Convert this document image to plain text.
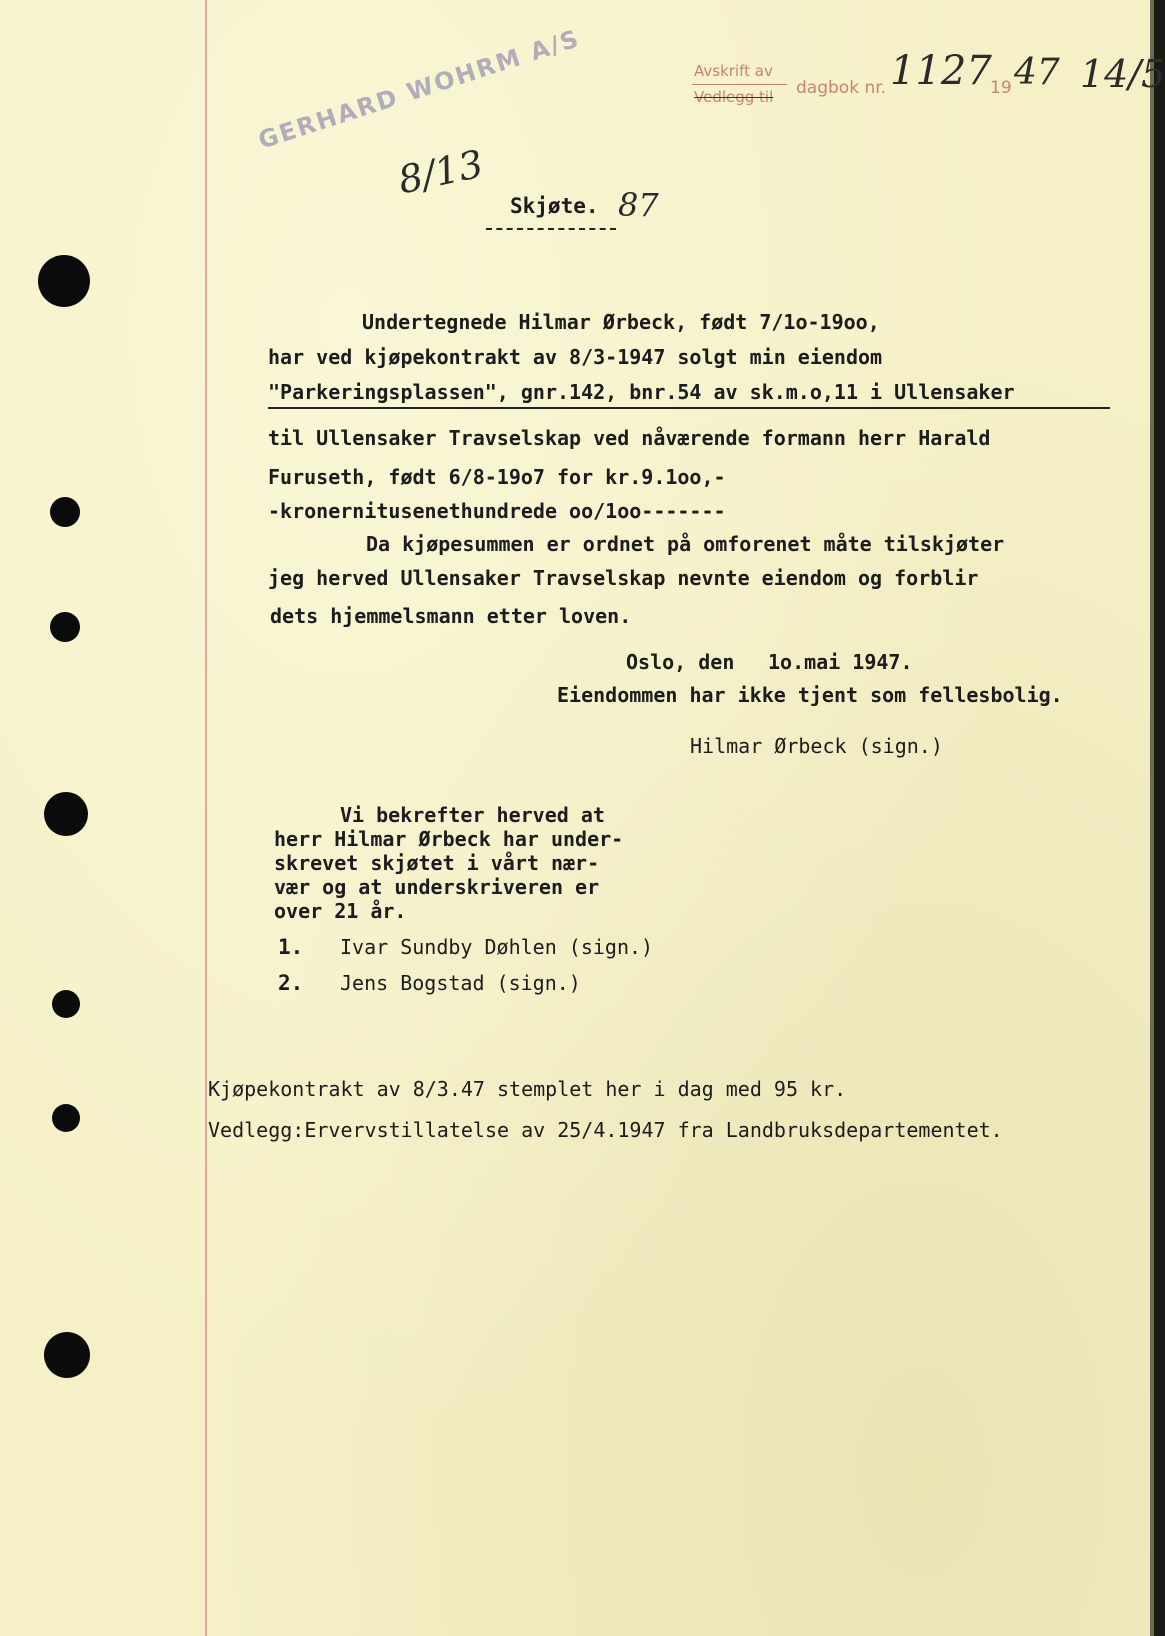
GERHARD WOHRM A/S	Avskrift av
Vedlegg til dagbok nr. 1127
19 47 14/5
8/13
Skjøte. 87
Undertegnede Hilmar Ørbeck, født 7/1o-19oo,
har ved kjøpekontrakt av 8/3-1947 solgt min eiendom
"Parkeringsplassen", gnr.142, bnr.54 av sk.m.o,11 i Ullensaker
til Ullensaker Travselskap ved nåværende formann herr Harald
Furuseth, født 6/8-19o7 for kr.9.1oo,-
-kronernitusenethundrede oo/1oo-------
Da kjøpesummen er ordnet på omforenet måte tilskjøter
jeg herved Ullensaker Travselskap nevnte eiendom og forblir
dets hjemmelsmann etter loven.
Oslo, den 1o.mai 1947.
Eiendommen har ikke tjent som fellesbolig.
Hilmar Ørbeck (sign.)
Vi bekrefter herved at
herr Hilmar Ørbeck har under-
skrevet skjøtet i vårt nær-
vær og at underskriveren er
over 21 år.
1. Ivar Sundby Døhlen (sign.)
2. Jens Bogstad (sign.)
Kjøpekontrakt av 8/3.47 stemplet her i dag med 95 kr.
Vedlegg:Ervervstillatelse av 25/4.1947 fra Landbruksdepartementet.
